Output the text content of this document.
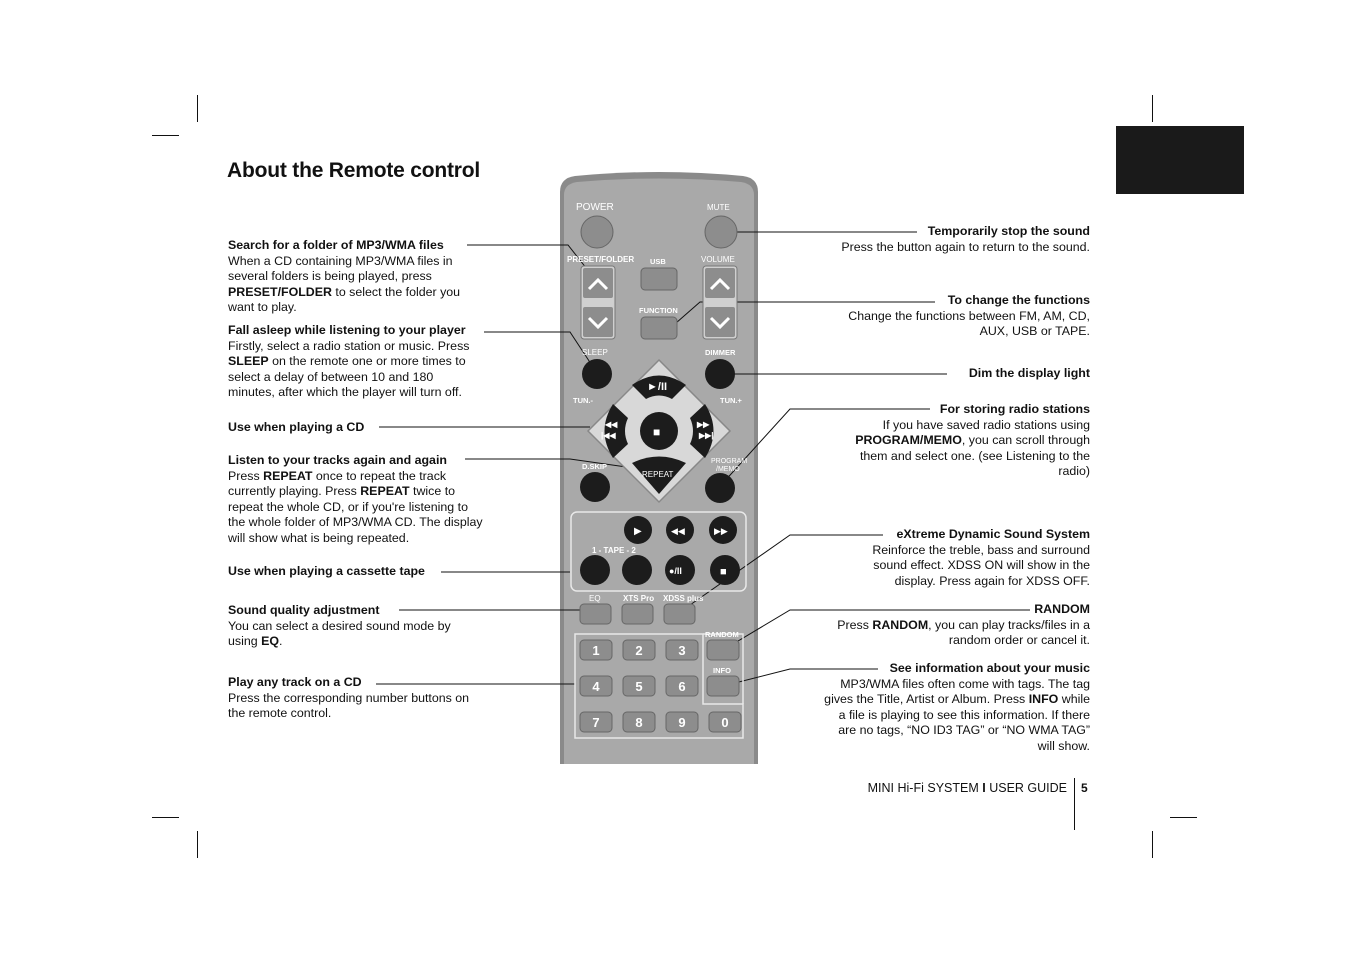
About the Remote control
POWER	MUTE
PRESET/FOLDER USB
FUNCTION
VOLUME
SLEEP	DIMMER
TUN.-	TUN.+
►/II
◀◀
|◀◀
▶▶
▶▶|
■
REPEAT
D.SKIP
PROGRAM
/MEMO
▶	◀◀	▶▶
1 - TAPE - 2
●/II	■
EQ	XTS Pro XDSS plus
1	2	3
4	5	6
7	8	9	0
RANDOM
INFO
Search for a folder of MP3/WMA files
When a CD containing MP3/WMA files in several folders is being played, press PRESET/FOLDER to select the folder you want to play.
Fall asleep while listening to your player
Firstly, select a radio station or music. Press SLEEP on the remote one or more times to select a delay of between 10 and 180 minutes, after which the player will turn off.
Use when playing a CD
Listen to your tracks again and again
Press REPEAT once to repeat the track currently playing. Press REPEAT twice to repeat the whole CD, or if you're listening to the whole folder of MP3/WMA CD. The display will show what is being repeated.
Use when playing a cassette tape
Sound quality adjustment
You can select a desired sound mode by using EQ.
Play any track on a CD
Press the corresponding number buttons on the remote control.
Temporarily stop the sound
Press the button again to return to the sound.
To change the functions
Change the functions between FM, AM, CD, AUX, USB or TAPE.
Dim the display light
For storing radio stations
If you have saved radio stations using PROGRAM/MEMO, you can scroll through them and select one. (see Listening to the radio)
eXtreme Dynamic Sound System
Reinforce the treble, bass and surround sound effect. XDSS ON will show in the display. Press again for XDSS OFF.
RANDOM
Press RANDOM, you can play tracks/files in a random order or cancel it.
See information about your music
MP3/WMA files often come with tags. The tag gives the Title, Artist or Album. Press INFO while a file is playing to see this information. If there are no tags, “NO ID3 TAG” or “NO WMA TAG” will show.
MINI Hi-Fi SYSTEM I USER GUIDE 5
